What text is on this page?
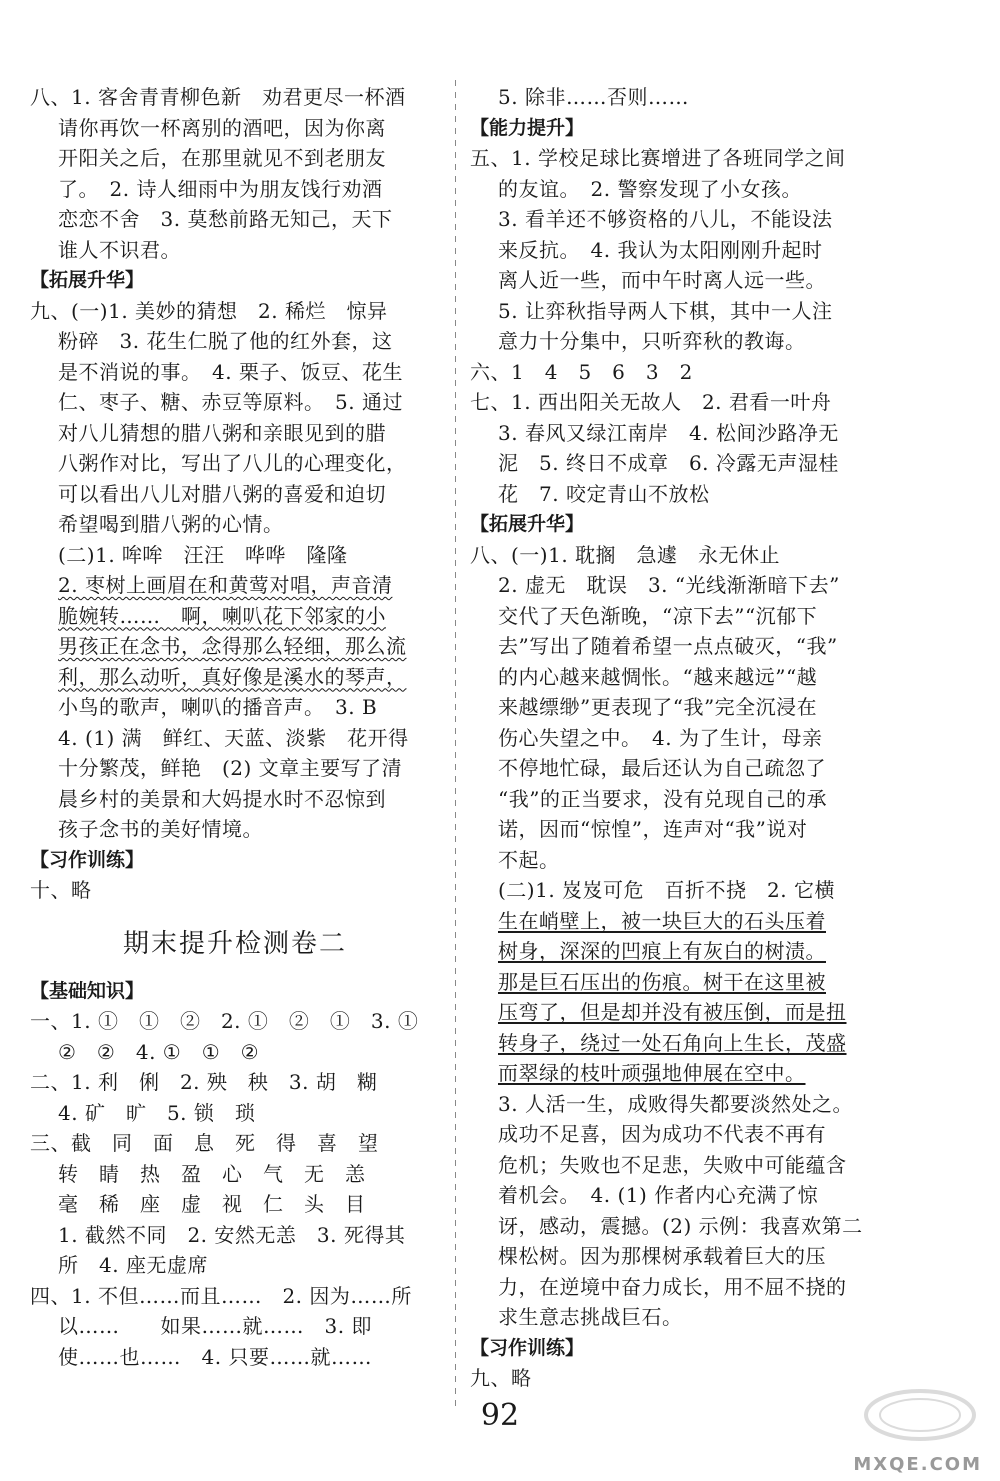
八、1. 客舍青青柳色新　劝君更尽一杯酒
请你再饮一杯离别的酒吧，因为你离
开阳关之后，在那里就见不到老朋友
了。　2. 诗人细雨中为朋友饯行劝酒
恋恋不舍　3. 莫愁前路无知己，天下
谁人不识君。
【拓展升华】
九、(一)1. 美妙的猜想　2. 稀烂　惊异
粉碎　3. 花生仁脱了他的红外套，这
是不消说的事。　4. 栗子、饭豆、花生
仁、枣子、糖、赤豆等原料。　5. 通过
对八儿猜想的腊八粥和亲眼见到的腊
八粥作对比，写出了八儿的心理变化，
可以看出八儿对腊八粥的喜爱和迫切
希望喝到腊八粥的心情。
(二)1. 哞哞　汪汪　哗哗　隆隆
2. 枣树上画眉在和黄莺对唱，声音清
脆婉转……　啊，喇叭花下邻家的小
男孩正在念书，念得那么轻细，那么流
利，那么动听，真好像是溪水的琴声，
小鸟的歌声，喇叭的播音声。　3. B
4. (1) 满　鲜红、天蓝、淡紫　花开得
十分繁茂，鲜艳　(2) 文章主要写了清
晨乡村的美景和大妈提水时不忍惊到
孩子念书的美好情境。
【习作训练】
十、略
期末提升检测卷二
【基础知识】
一、1. ①　①　②　2. ①　②　①　3. ①
②　②　4. ①　①　②
二、1. 利　俐　2. 殃　秧　3. 胡　糊
4. 矿　旷　5. 锁　琐
三、截　同　面　息　死　得　喜　望
转　睛　热　盈　心　气　无　恙
毫　稀　座　虚　视　仁　头　目
1. 截然不同　2. 安然无恙　3. 死得其
所　4. 座无虚席
四、1. 不但……而且……　2. 因为……所
以……　　如果……就……　3. 即
使……也……　4. 只要……就……
5. 除非……否则……
【能力提升】
五、1. 学校足球比赛增进了各班同学之间
的友谊。　2. 警察发现了小女孩。
3. 看羊还不够资格的八儿，不能设法
来反抗。　4. 我认为太阳刚刚升起时
离人近一些，而中午时离人远一些。
5. 让弈秋指导两人下棋，其中一人注
意力十分集中，只听弈秋的教诲。
六、1　4　5　6　3　2
七、1. 西出阳关无故人　2. 君看一叶舟
3. 春风又绿江南岸　4. 松间沙路净无
泥　5. 终日不成章　6. 冷露无声湿桂
花　7. 咬定青山不放松
【拓展升华】
八、(一)1. 耽搁　急遽　永无休止
2. 虚无　耽误　3. “光线渐渐暗下去”
交代了天色渐晚，“凉下去”“沉郁下
去”写出了随着希望一点点破灭，“我”
的内心越来越惆怅。“越来越远”“越
来越缥缈”更表现了“我”完全沉浸在
伤心失望之中。　4. 为了生计，母亲
不停地忙碌，最后还认为自己疏忽了
“我”的正当要求，没有兑现自己的承
诺，因而“惊惶”，连声对“我”说对
不起。
(二)1. 岌岌可危　百折不挠　2. 它横
生在峭壁上，被一块巨大的石头压着
树身，深深的凹痕上有灰白的树渍。
那是巨石压出的伤痕。树干在这里被
压弯了，但是却并没有被压倒，而是扭
转身子，绕过一处石角向上生长，茂盛
而翠绿的枝叶顽强地伸展在空中。
3. 人活一生，成败得失都要淡然处之。
成功不足喜，因为成功不代表不再有
危机；失败也不足悲，失败中可能蕴含
着机会。　4. (1) 作者内心充满了惊
讶，感动，震撼。(2) 示例：我喜欢第二
棵松树。因为那棵树承载着巨大的压
力，在逆境中奋力成长，用不屈不挠的
求生意志挑战巨石。
【习作训练】
九、略
92
MXQE.COM
